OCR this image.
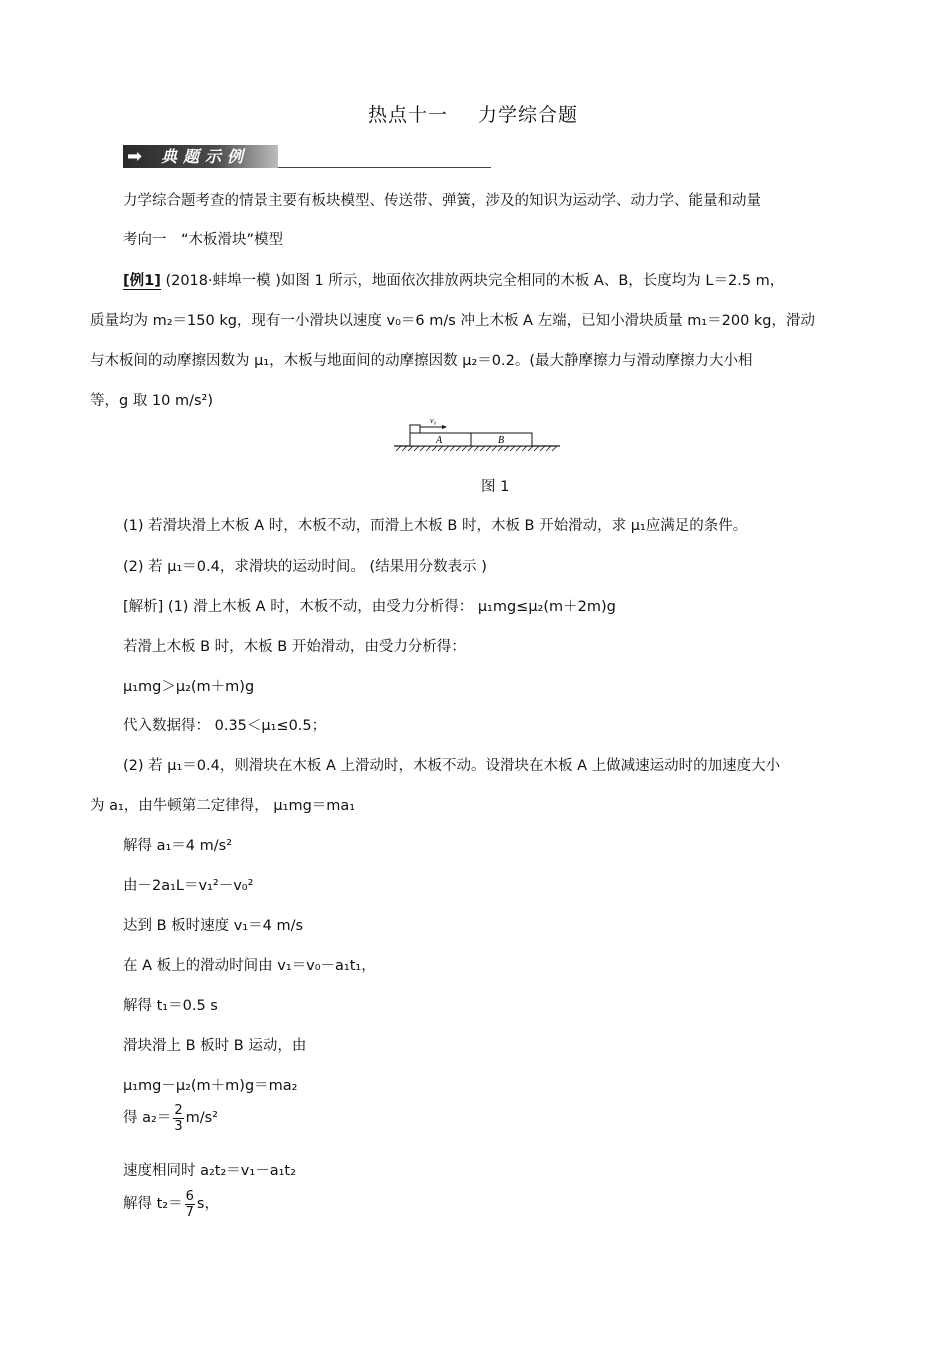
热点十一 力学综合题
➡	典题示例
力学综合题考查的情景主要有板块模型、传送带、弹簧，涉及的知识为运动学、动力学、能量和动量
考向一　“木板滑块”模型
[例1] (2018·蚌埠一模 )如图 1 所示，地面依次排放两块完全相同的木板 A、B，长度均为 L＝2.5 m，
质量均为 m₂＝150 kg，现有一小滑块以速度 v₀＝6 m/s 冲上木板 A 左端，已知小滑块质量 m₁＝200 kg，滑动
与木板间的动摩擦因数为 μ₁，木板与地面间的动摩擦因数 μ₂＝0.2。(最大静摩擦力与滑动摩擦力大小相
等，g 取 10 m/s²)
v₀
A	B
图 1
(1) 若滑块滑上木板 A 时，木板不动，而滑上木板 B 时，木板 B 开始滑动，求 μ₁应满足的条件。
(2) 若 μ₁＝0.4，求滑块的运动时间。 (结果用分数表示 )
[解析] (1) 滑上木板 A 时，木板不动，由受力分析得： μ₁mg≤μ₂(m＋2m)g
若滑上木板 B 时，木板 B 开始滑动，由受力分析得：
μ₁mg＞μ₂(m＋m)g
代入数据得： 0.35＜μ₁≤0.5；
(2) 若 μ₁＝0.4，则滑块在木板 A 上滑动时，木板不动。设滑块在木板 A 上做减速运动时的加速度大小
为 a₁，由牛顿第二定律得， μ₁mg＝ma₁
解得 a₁＝4 m/s²
由－2a₁L＝v₁²－v₀²
达到 B 板时速度 v₁＝4 m/s
在 A 板上的滑动时间由 v₁＝v₀－a₁t₁，
解得 t₁＝0.5 s
滑块滑上 B 板时 B 运动，由
μ₁mg－μ₂(m＋m)g＝ma₂
得 $a_2= \frac{2}{3} m/s^2$
速度相同时 a₂t₂＝v₁－a₁t₂
解得 $t_2= \frac{6}{7}$ s，
